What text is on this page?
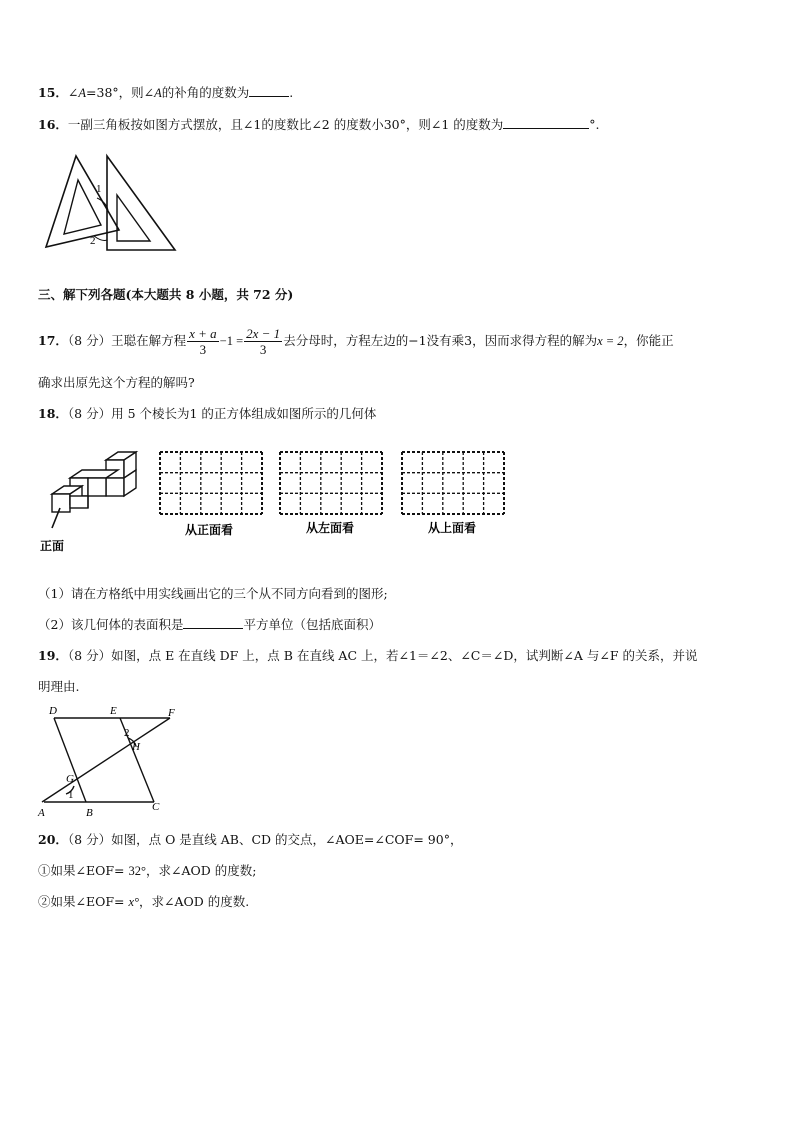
15．∠A=38°，则∠A的补角的度数为	.
16．一副三角板按如图方式摆放，且∠1的度数比∠2 的度数小30°，则∠1 的度数为	°.
1
2
三、解下列各题(本大题共 8 小题，共 72 分)
17．（8 分）王聪在解方程 $\frac{x + a}{3} -1 = \frac{2x - 1}{3}$ 去分母时，方程左边的−1没有乘3，因而求得方程的解为x = 2，你能正
确求出原先这个方程的解吗?
18．（8 分）用 5 个棱长为1 的正方体组成如图所示的几何体
正面
从正面看	从左面看	从上面看
（1）请在方格纸中用实线画出它的三个从不同方向看到的图形;
（2）该几何体的表面积是	平方单位（包括底面积）
19．（8 分）如图，点 E 在直线 DF 上，点 B 在直线 AC 上，若∠1＝∠2、∠C＝∠D，试判断∠A 与∠F 的关系，并说
明理由.
D	E	F
H
2
G
1
A	B	C
20．（8 分）如图，点 O 是直线 AB、CD 的交点，∠AOE=∠COF= 90°，
①如果∠EOF= 32°，求∠AOD 的度数;
②如果∠EOF= x°，求∠AOD 的度数.
